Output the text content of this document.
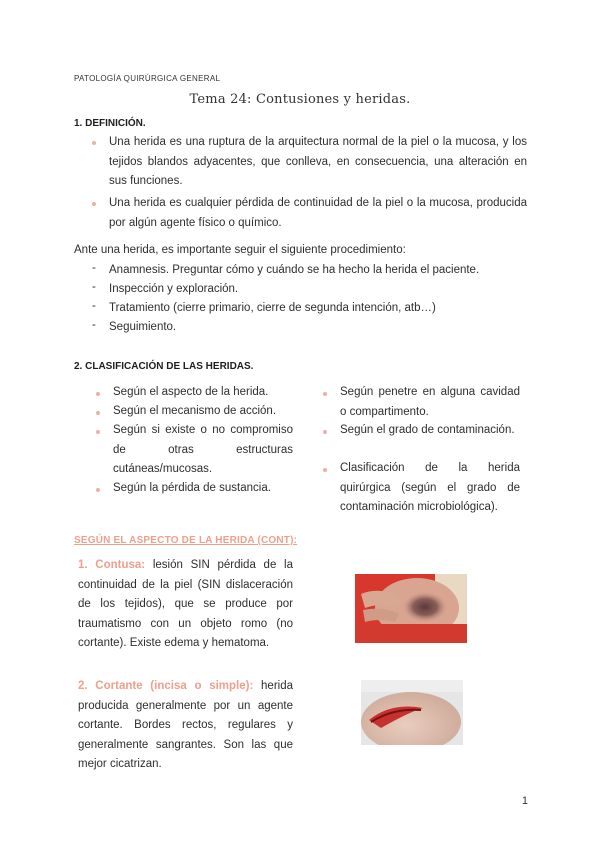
PATOLOGÍA QUIRÚRGICA GENERAL
Tema 24: Contusiones y heridas.
1. DEFINICIÓN.
Una herida es una ruptura de la arquitectura normal de la piel o la mucosa, y los tejidos blandos adyacentes, que conlleva, en consecuencia, una alteración en sus funciones.
Una herida es cualquier pérdida de continuidad de la piel o la mucosa, producida por algún agente físico o químico.
Ante una herida, es importante seguir el siguiente procedimiento:
- Anamnesis. Preguntar cómo y cuándo se ha hecho la herida el paciente.
- Inspección y exploración.
- Tratamiento (cierre primario, cierre de segunda intención, atb…)
- Seguimiento.
2. CLASIFICACIÓN DE LAS HERIDAS.
Según el aspecto de la herida.
Según el mecanismo de acción.
Según si existe o no compromiso de otras estructuras cutáneas/mucosas.
Según la pérdida de sustancia.
Según penetre en alguna cavidad o compartimento.
Según el grado de contaminación.
Clasificación de la herida quirúrgica (según el grado de contaminación microbiológica).
SEGÚN EL ASPECTO DE LA HERIDA (CONT):
1. Contusa: lesión SIN pérdida de la continuidad de la piel (SIN dislaceración de los tejidos), que se produce por traumatismo con un objeto romo (no cortante). Existe edema y hematoma.
2. Cortante (incisa o simple): herida producida generalmente por un agente cortante. Bordes rectos, regulares y generalmente sangrantes. Son las que mejor cicatrizan.
1
